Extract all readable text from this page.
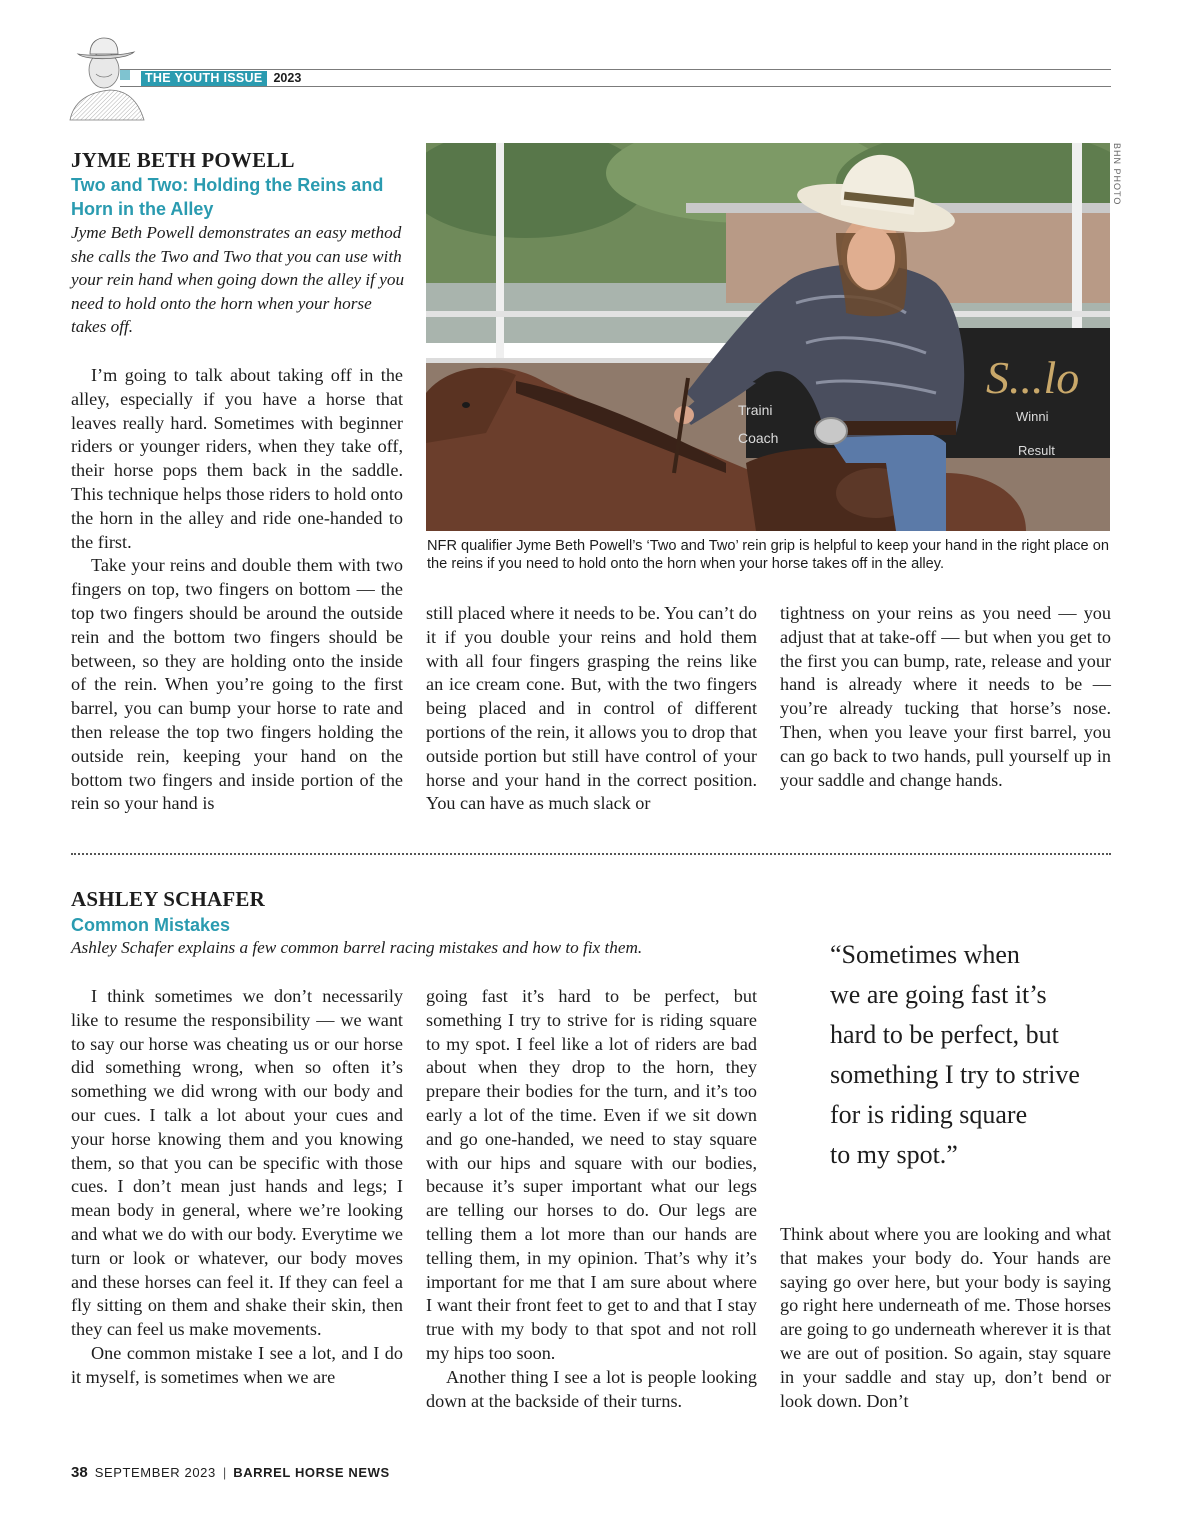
THE YOUTH ISSUE 2023
JYME BETH POWELL
Two and Two: Holding the Reins and Horn in the Alley
Jyme Beth Powell demonstrates an easy method she calls the Two and Two that you can use with your rein hand when going down the alley if you need to hold onto the horn when your horse takes off.

I’m going to talk about taking off in the alley, especially if you have a horse that leaves really hard. Sometimes with beginner riders or younger riders, when they take off, their horse pops them back in the saddle. This technique helps those riders to hold onto the horn in the alley and ride one-handed to the first.

Take your reins and double them with two fingers on top, two fingers on bottom — the top two fingers should be around the outside rein and the bottom two fingers should be between, so they are holding onto the inside of the rein. When you’re going to the first barrel, you can bump your horse to rate and then release the top two fingers holding the outside rein, keeping your hand on the bottom two fingers and inside portion of the rein so your hand is

still placed where it needs to be. You can’t do it if you double your reins and hold them with all four fingers grasping the reins like an ice cream cone. But, with the two fingers being placed and in control of different portions of the rein, it allows you to drop that outside portion but still have control of your horse and your hand in the correct position. You can have as much slack or

tightness on your reins as you need — you adjust that at take-off — but when you get to the first you can bump, rate, release and your hand is already where it needs to be — you’re already tucking that horse’s nose. Then, when you leave your first barrel, you can go back to two hands, pull yourself up in your saddle and change hands.

S...lo
Traini
Coach
Winni
Result
BHN PHOTO
NFR qualifier Jyme Beth Powell’s ‘Two and Two’ rein grip is helpful to keep your hand in the right place on the reins if you need to hold onto the horn when your horse takes off in the alley.
ASHLEY SCHAFER
Common Mistakes
Ashley Schafer explains a few common barrel racing mistakes and how to fix them.

I think sometimes we don’t necessarily like to resume the responsibility — we want to say our horse was cheating us or our horse did something wrong, when so often it’s something we did wrong with our body and our cues. I talk a lot about your cues and your horse knowing them and you knowing them, so that you can be specific with those cues. I don’t mean just hands and legs; I mean body in general, where we’re looking and what we do with our body. Everytime we turn or look or whatever, our body moves and these horses can feel it. If they can feel a fly sitting on them and shake their skin, then they can feel us make movements.

One common mistake I see a lot, and I do it myself, is sometimes when we are

going fast it’s hard to be perfect, but something I try to strive for is riding square to my spot. I feel like a lot of riders are bad about when they drop to the horn, they prepare their bodies for the turn, and it’s too early a lot of the time. Even if we sit down and go one-handed, we need to stay square with our hips and square with our bodies, because it’s super important what our legs are telling our horses to do. Our legs are telling them a lot more than our hands are telling them, in my opinion. That’s why it’s important for me that I am sure about where I want their front feet to get to and that I stay true with my body to that spot and not roll my hips too soon.

Another thing I see a lot is people looking down at the backside of their turns.

Think about where you are looking and what that makes your body do. Your hands are saying go over here, but your body is saying go right here underneath of me. Those horses are going to go underneath wherever it is that we are out of position. So again, stay square in your saddle and stay up, don’t bend or look down. Don’t

“Sometimes when
we are going fast it’s
hard to be perfect, but
something I try to strive
for is riding square
to my spot.”
38 SEPTEMBER 2023 | BARREL HORSE NEWS
